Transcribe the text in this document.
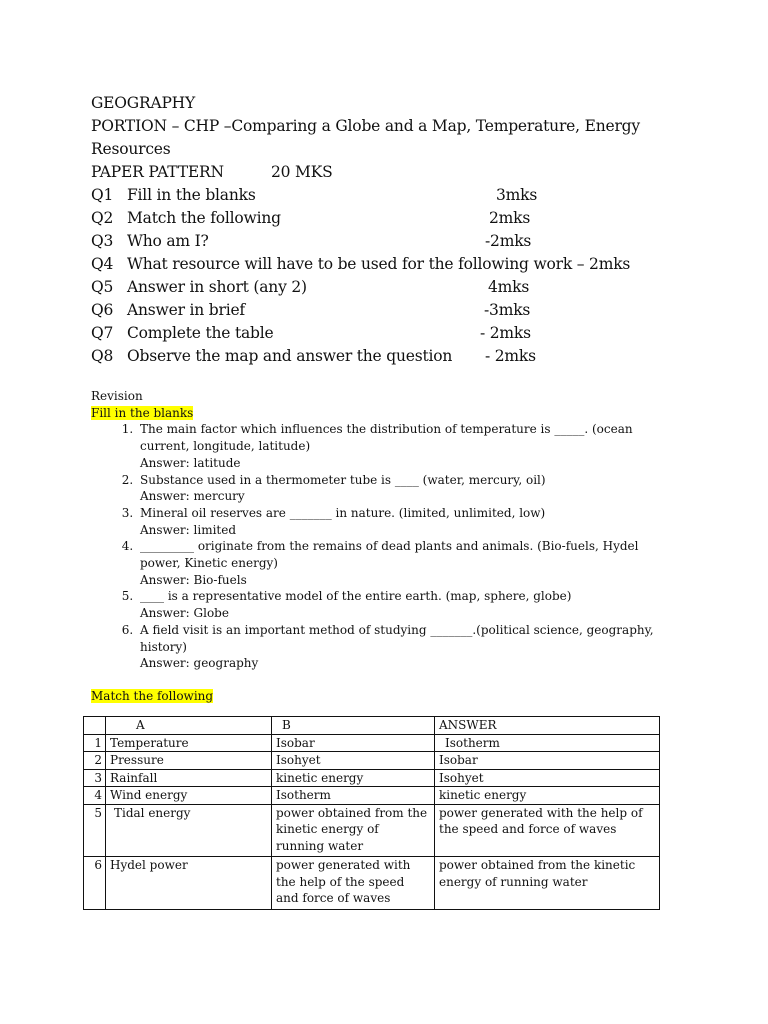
GEOGRAPHY
PORTION – CHP –Comparing a Globe and a Map, Temperature, Energy Resources
PAPER PATTERN	20 MKS
Q1 Fill in the blanks	3mks
Q2 Match the following	2mks
Q3 Who am I?	-2mks
Q4 What resource will have to be used for the following work – 2mks
Q5 Answer in short (any 2)	4mks
Q6 Answer in brief	-3mks
Q7 Complete the table	- 2mks
Q8 Observe the map and answer the question - 2mks
Revision
Fill in the blanks
1. The main factor which influences the distribution of temperature is _____. (ocean current, longitude, latitude)
Answer: latitude
2. Substance used in a thermometer tube is ____ (water, mercury, oil)
Answer: mercury
3. Mineral oil reserves are _______ in nature. (limited, unlimited, low)
Answer: limited
4. _________ originate from the remains of dead plants and animals. (Bio-fuels, Hydel power, Kinetic energy)
Answer: Bio-fuels
5. ____ is a representative model of the entire earth. (map, sphere, globe)
Answer: Globe
6. A field visit is an important method of studying _______.(political science, geography, history)
Answer: geography
Match the following
	A	B	ANSWER
1	Temperature	Isobar	Isotherm
2	Pressure	Isohyet	Isobar
3	Rainfall	kinetic energy	Isohyet
4	Wind energy	Isotherm	kinetic energy
5	Tidal energy	power obtained from the kinetic energy of running water	power generated with the help of the speed and force of waves
6	Hydel power	power generated with the help of the speed and force of waves	power obtained from the kinetic energy of running water
